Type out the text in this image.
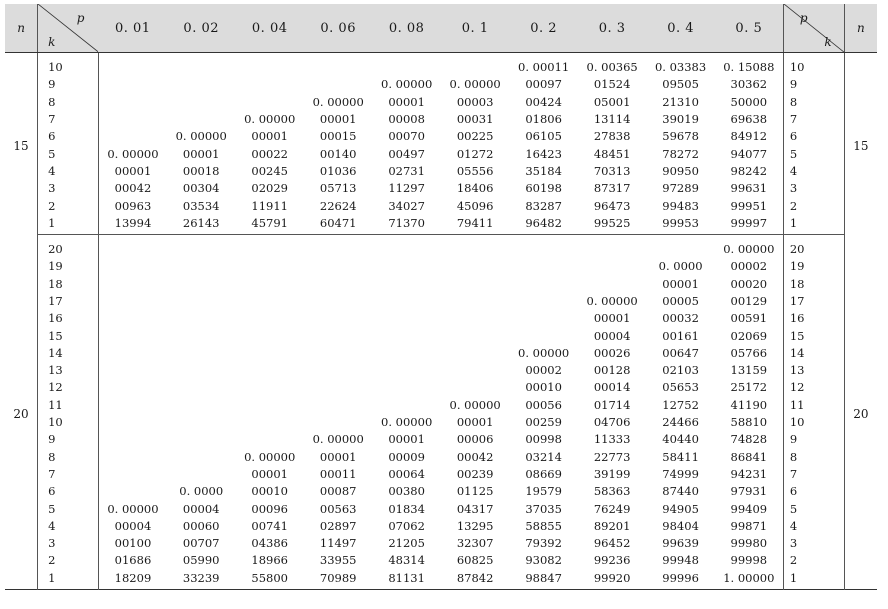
n	p
k	0. 01	0. 02	0. 04	0. 06	0. 08	0. 1	0. 2	0. 3	0. 4	0. 5	p
k	n
15	10							0. 00011	0. 00365	0. 03383	0. 15088	10	15
	9					0. 00000	0. 00000	00097	01524	09505	30362	9	
	8				0. 00000	00001	00003	00424	05001	21310	50000	8	
	7			0. 00000	00001	00008	00031	01806	13114	39019	69638	7	
	6		0. 00000	00001	00015	00070	00225	06105	27838	59678	84912	6	
	5	0. 00000	00001	00022	00140	00497	01272	16423	48451	78272	94077	5	
	4	00001	00018	00245	01036	02731	05556	35184	70313	90950	98242	4	
	3	00042	00304	02029	05713	11297	18406	60198	87317	97289	99631	3	
	2	00963	03534	11911	22624	34027	45096	83287	96473	99483	99951	2	
	1	13994	26143	45791	60471	71370	79411	96482	99525	99953	99997	1	
20	20										0. 00000	20	20
	19									0. 0000	00002	19	
	18									00001	00020	18	
	17								0. 00000	00005	00129	17	
	16								00001	00032	00591	16	
	15								00004	00161	02069	15	
	14							0. 00000	00026	00647	05766	14	
	13							00002	00128	02103	13159	13	
	12							00010	00014	05653	25172	12	
	11						0. 00000	00056	01714	12752	41190	11	
	10					0. 00000	00001	00259	04706	24466	58810	10	
	9				0. 00000	00001	00006	00998	11333	40440	74828	9	
	8			0. 00000	00001	00009	00042	03214	22773	58411	86841	8	
	7			00001	00011	00064	00239	08669	39199	74999	94231	7	
	6		0. 0000	00010	00087	00380	01125	19579	58363	87440	97931	6	
	5	0. 00000	00004	00096	00563	01834	04317	37035	76249	94905	99409	5	
	4	00004	00060	00741	02897	07062	13295	58855	89201	98404	99871	4	
	3	00100	00707	04386	11497	21205	32307	79392	96452	99639	99980	3	
	2	01686	05990	18966	33955	48314	60825	93082	99236	99948	99998	2	
	1	18209	33239	55800	70989	81131	87842	98847	99920	99996	1. 00000	1	
